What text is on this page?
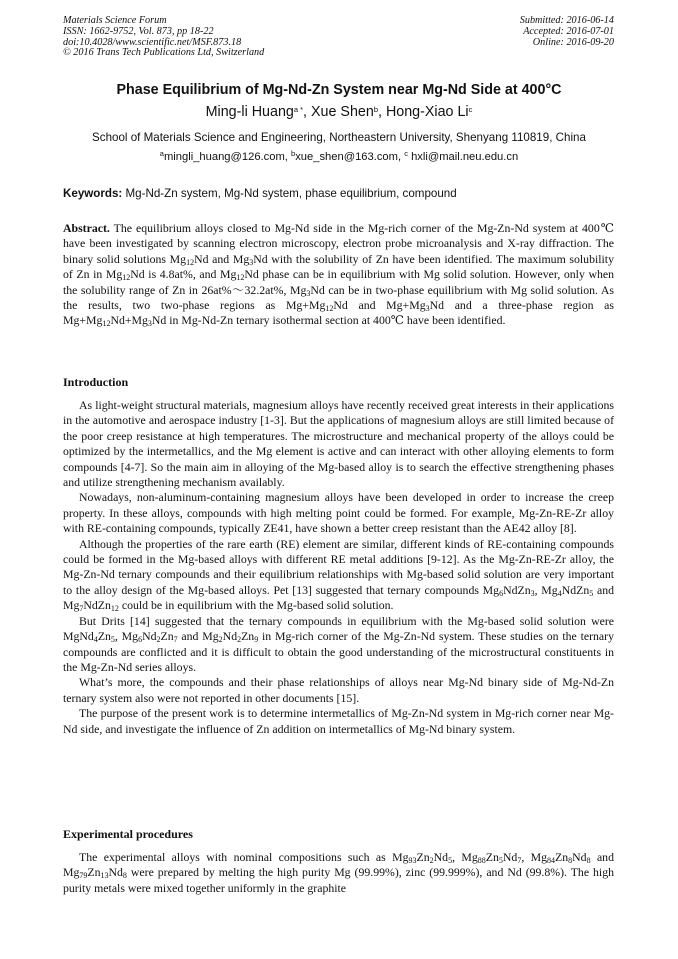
Materials Science Forum
ISSN: 1662-9752, Vol. 873, pp 18-22
doi:10.4028/www.scientific.net/MSF.873.18
© 2016 Trans Tech Publications Ltd, Switzerland
Submitted: 2016-06-14
Accepted: 2016-07-01
Online: 2016-09-20
Phase Equilibrium of Mg-Nd-Zn System near Mg-Nd Side at 400°C
Ming-li Huang$^{a *}$, Xue Shen$^b$, Hong-Xiao Li$^c$
School of Materials Science and Engineering, Northeastern University, Shenyang 110819, China
$^a$mingli_huang@126.com, $^b$xue_shen@163.com, $^c$ hxli@mail.neu.edu.cn
Keywords: Mg-Nd-Zn system, Mg-Nd system, phase equilibrium, compound
Abstract. The equilibrium alloys closed to Mg-Nd side in the Mg-rich corner of the Mg-Zn-Nd system at 400℃ have been investigated by scanning electron microscopy, electron probe microanalysis and X-ray diffraction. The binary solid solutions $Mg_{12}Nd$ and $Mg_3Nd$ with the solubility of Zn have been identified. The maximum solubility of Zn in $Mg_{12}Nd$ is 4.8at%, and $Mg_{12}Nd$ phase can be in equilibrium with Mg solid solution. However, only when the solubility range of Zn in 26at%～32.2at%, $Mg_3Nd$ can be in two-phase equilibrium with Mg solid solution. As the results, two two-phase regions as $Mg+Mg_{12}Nd$ and $Mg+Mg_3Nd$ and a three-phase region as $Mg+Mg_{12}Nd+Mg_3Nd$ in Mg-Nd-Zn ternary isothermal section at 400℃ have been identified.
Introduction

As light-weight structural materials, magnesium alloys have recently received great interests in their applications in the automotive and aerospace industry [1-3]. But the applications of magnesium alloys are still limited because of the poor creep resistance at high temperatures. The microstructure and mechanical property of the alloys could be optimized by the intermetallics, and the Mg element is active and can interact with other alloying elements to form compounds [4-7]. So the main aim in alloying of the Mg-based alloy is to search the effective strengthening phases and utilize strengthening mechanism availably.

Nowadays, non-aluminum-containing magnesium alloys have been developed in order to increase the creep property. In these alloys, compounds with high melting point could be formed. For example, Mg-Zn-RE-Zr alloy with RE-containing compounds, typically ZE41, have shown a better creep resistant than the AE42 alloy [8].

Although the properties of the rare earth (RE) element are similar, different kinds of RE-containing compounds could be formed in the Mg-based alloys with different RE metal additions [9-12]. As the Mg-Zn-RE-Zr alloy, the Mg-Zn-Nd ternary compounds and their equilibrium relationships with Mg-based solid solution are very important to the alloy design of the Mg-based alloys. Pet [13] suggested that ternary compounds $Mg_6NdZn_3$, $Mg_4NdZn_5$ and $Mg_7NdZn_{12}$ could be in equilibrium with the Mg-based solid solution.

But Drits [14] suggested that the ternary compounds in equilibrium with the Mg-based solid solution were $MgNd_4Zn_5$, $Mg_6Nd_2Zn_7$ and $Mg_2Nd_2Zn_9$ in Mg-rich corner of the Mg-Zn-Nd system. These studies on the ternary compounds are conflicted and it is difficult to obtain the good understanding of the microstructural constituents in the Mg-Zn-Nd series alloys.

What’s more, the compounds and their phase relationships of alloys near Mg-Nd binary side of Mg-Nd-Zn ternary system also were not reported in other documents [15].

The purpose of the present work is to determine intermetallics of Mg-Zn-Nd system in Mg-rich corner near Mg-Nd side, and investigate the influence of Zn addition on intermetallics of Mg-Nd binary system.

Experimental procedures

The experimental alloys with nominal compositions such as $Mg_{93}Zn_2Nd_5$, $Mg_{88}Zn_5Nd_7$, $Mg_{84}Zn_8Nd_8$ and $Mg_{79}Zn_{13}Nd_8$ were prepared by melting the high purity Mg (99.99%), zinc (99.999%), and Nd (99.8%). The high purity metals were mixed together uniformly in the graphite
